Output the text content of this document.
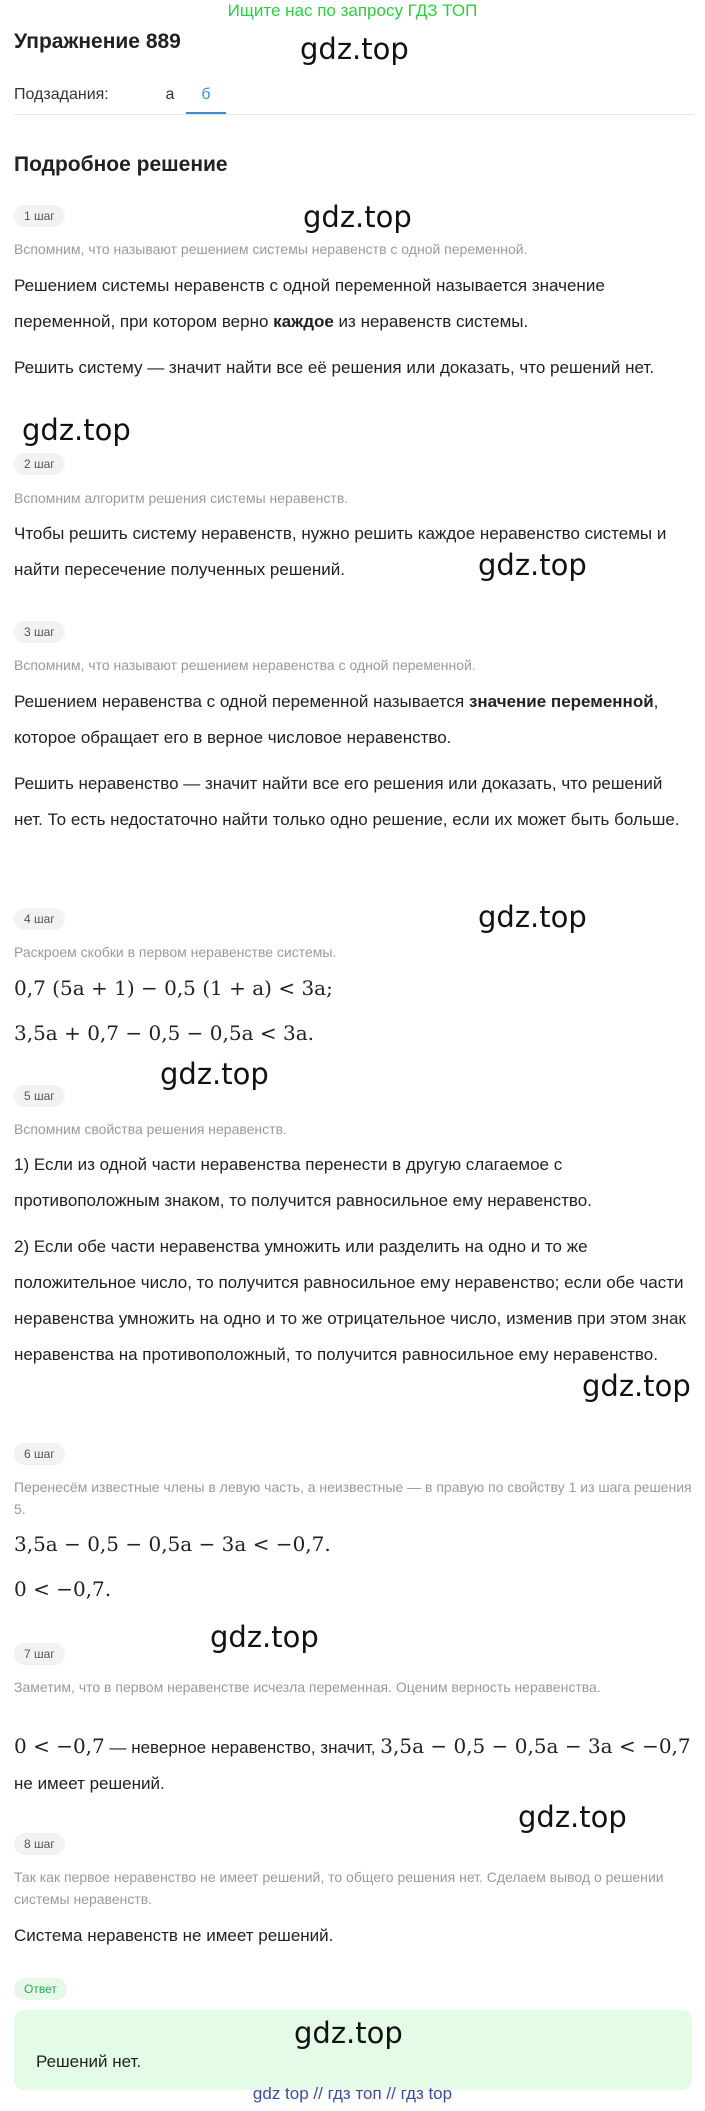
Ищите нас по запросу ГДЗ ТОП
Упражнение 889	gdz.top
Подзадания:	а	б
Подробное решение
1 шаг	gdz.top
Вспомним, что называют решением системы неравенств с одной переменной.
Решением системы неравенств с одной переменной называется значение переменной, при котором верно каждое из неравенств системы.
Решить систему — значит найти все её решения или доказать, что решений нет.
gdz.top
2 шаг
Вспомним алгоритм решения системы неравенств.
Чтобы решить систему неравенств, нужно решить каждое неравенство системы и найти пересечение полученных решений.	gdz.top
3 шаг
Вспомним, что называют решением неравенства с одной переменной.
Решением неравенства с одной переменной называется значение переменной, которое обращает его в верное числовое неравенство.
Решить неравенство — значит найти все его решения или доказать, что решений нет. То есть недостаточно найти только одно решение, если их может быть больше.
gdz.top
4 шаг
Раскроем скобки в первом неравенстве системы.
0,7 (5a + 1) − 0,5 (1 + a) < 3a;
3,5a + 0,7 − 0,5 − 0,5a < 3a.
gdz.top
5 шаг
Вспомним свойства решения неравенств.
1) Если из одной части неравенства перенести в другую слагаемое с противоположным знаком, то получится равносильное ему неравенство.
2) Если обе части неравенства умножить или разделить на одно и то же положительное число, то получится равносильное ему неравенство; если обе части неравенства умножить на одно и то же отрицательное число, изменив при этом знак неравенства на противоположный, то получится равносильное ему неравенство.
gdz.top
6 шаг
Перенесём известные члены в левую часть, а неизвестные — в правую по свойству 1 из шага решения 5.
3,5a − 0,5 − 0,5a − 3a < −0,7.
0 < −0,7.
gdz.top
7 шаг
Заметим, что в первом неравенстве исчезла переменная. Оценим верность неравенства.
0 < −0,7 — неверное неравенство, значит, 3,5a − 0,5 − 0,5a − 3a < −0,7 не имеет решений.
gdz.top
8 шаг
Так как первое неравенство не имеет решений, то общего решения нет. Сделаем вывод о решении системы неравенств.
Система неравенств не имеет решений.
Ответ
Решений нет.
gdz.top
gdz top // гдз топ // гдз top
